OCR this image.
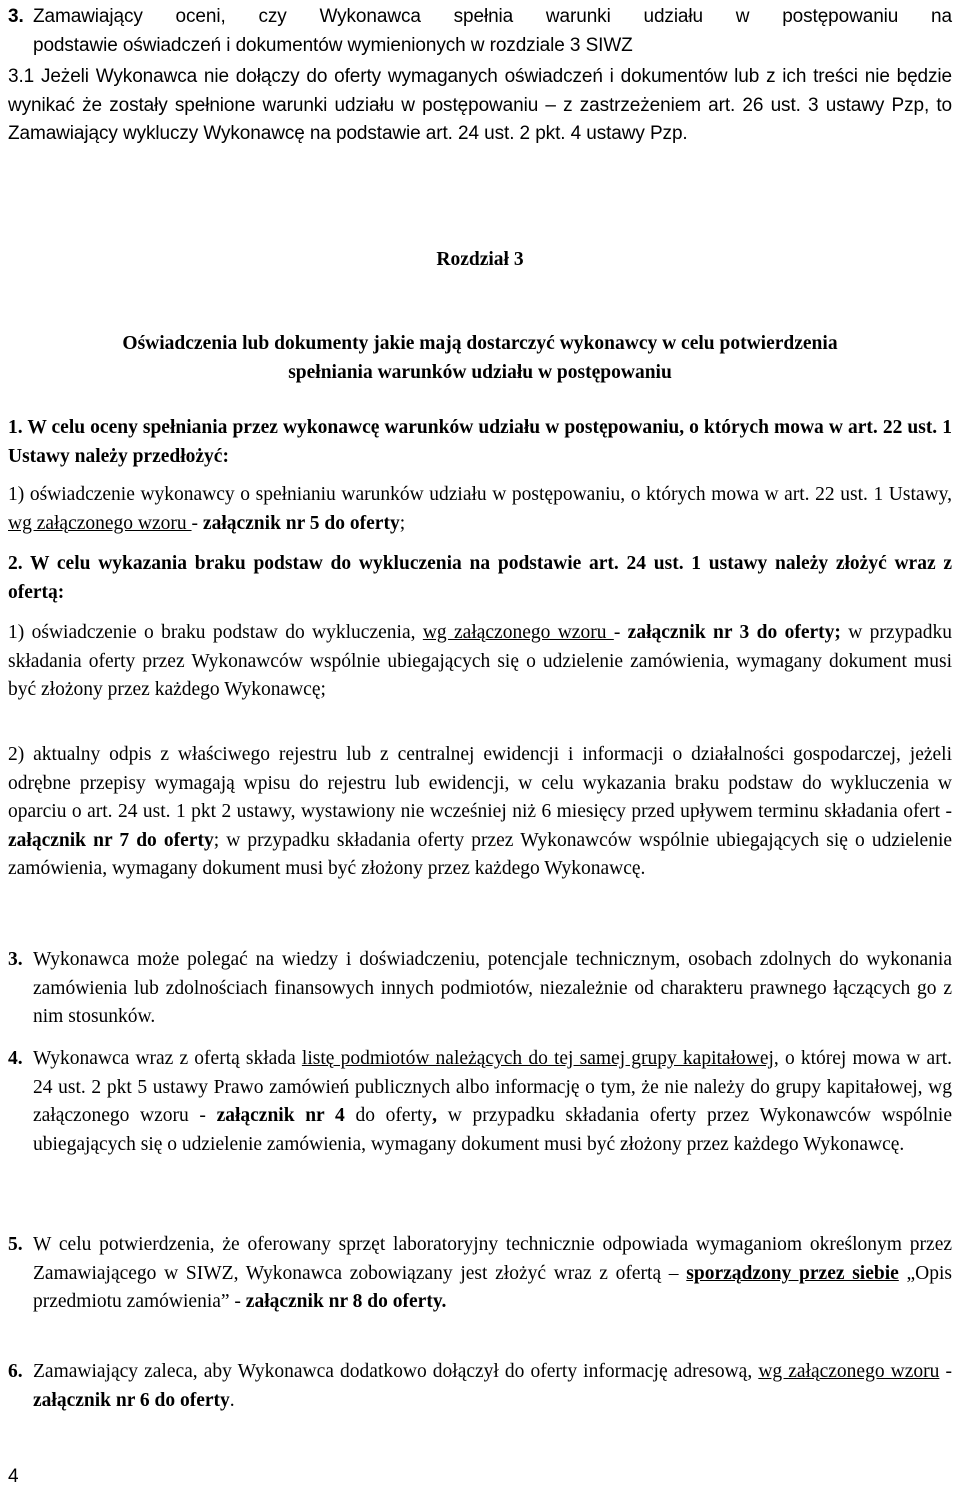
3. Zamawiający oceni, czy Wykonawca spełnia warunki udziału w postępowaniu na
podstawie oświadczeń i dokumentów wymienionych w rozdziale 3 SIWZ
3.1 Jeżeli Wykonawca nie dołączy do oferty wymaganych oświadczeń i dokumentów lub z ich treści nie będzie wynikać że zostały spełnione warunki udziału w postępowaniu – z zastrzeżeniem art. 26 ust. 3 ustawy Pzp, to Zamawiający wykluczy Wykonawcę na podstawie art. 24 ust. 2 pkt. 4 ustawy Pzp.
Rozdział 3
Oświadczenia lub dokumenty jakie mają dostarczyć wykonawcy w celu potwierdzenia
spełniania warunków udziału w postępowaniu
1. W celu oceny spełniania przez wykonawcę warunków udziału w postępowaniu, o których mowa w art. 22 ust. 1 Ustawy należy przedłożyć:
1) oświadczenie wykonawcy o spełnianiu warunków udziału w postępowaniu, o których mowa w art. 22 ust. 1 Ustawy, wg załączonego wzoru - załącznik nr 5 do oferty;
2. W celu wykazania braku podstaw do wykluczenia na podstawie art. 24 ust. 1 ustawy należy złożyć wraz z ofertą:
1) oświadczenie o braku podstaw do wykluczenia, wg załączonego wzoru - załącznik nr 3 do oferty; w przypadku składania oferty przez Wykonawców wspólnie ubiegających się o udzielenie zamówienia, wymagany dokument musi być złożony przez każdego Wykonawcę;
2) aktualny odpis z właściwego rejestru lub z centralnej ewidencji i informacji o działalności gospodarczej, jeżeli odrębne przepisy wymagają wpisu do rejestru lub ewidencji, w celu wykazania braku podstaw do wykluczenia w oparciu o art. 24 ust. 1 pkt 2 ustawy, wystawiony nie wcześniej niż 6 miesięcy przed upływem terminu składania ofert - załącznik nr 7 do oferty; w przypadku składania oferty przez Wykonawców wspólnie ubiegających się o udzielenie zamówienia, wymagany dokument musi być złożony przez każdego Wykonawcę.
3. Wykonawca może polegać na wiedzy i doświadczeniu, potencjale technicznym, osobach zdolnych do wykonania zamówienia lub zdolnościach finansowych innych podmiotów, niezależnie od charakteru prawnego łączących go z nim stosunków.
4. Wykonawca wraz z ofertą składa listę podmiotów należących do tej samej grupy kapitałowej, o której mowa w art. 24 ust. 2 pkt 5 ustawy Prawo zamówień publicznych albo informację o tym, że nie należy do grupy kapitałowej, wg załączonego wzoru - załącznik nr 4 do oferty, w przypadku składania oferty przez Wykonawców wspólnie ubiegających się o udzielenie zamówienia, wymagany dokument musi być złożony przez każdego Wykonawcę.
5. W celu potwierdzenia, że oferowany sprzęt laboratoryjny technicznie odpowiada wymaganiom określonym przez Zamawiającego w SIWZ, Wykonawca zobowiązany jest złożyć wraz z ofertą – sporządzony przez siebie „Opis przedmiotu zamówienia” - załącznik nr 8 do oferty.
6. Zamawiający zaleca, aby Wykonawca dodatkowo dołączył do oferty informację adresową, wg załączonego wzoru - załącznik nr 6 do oferty.
4
